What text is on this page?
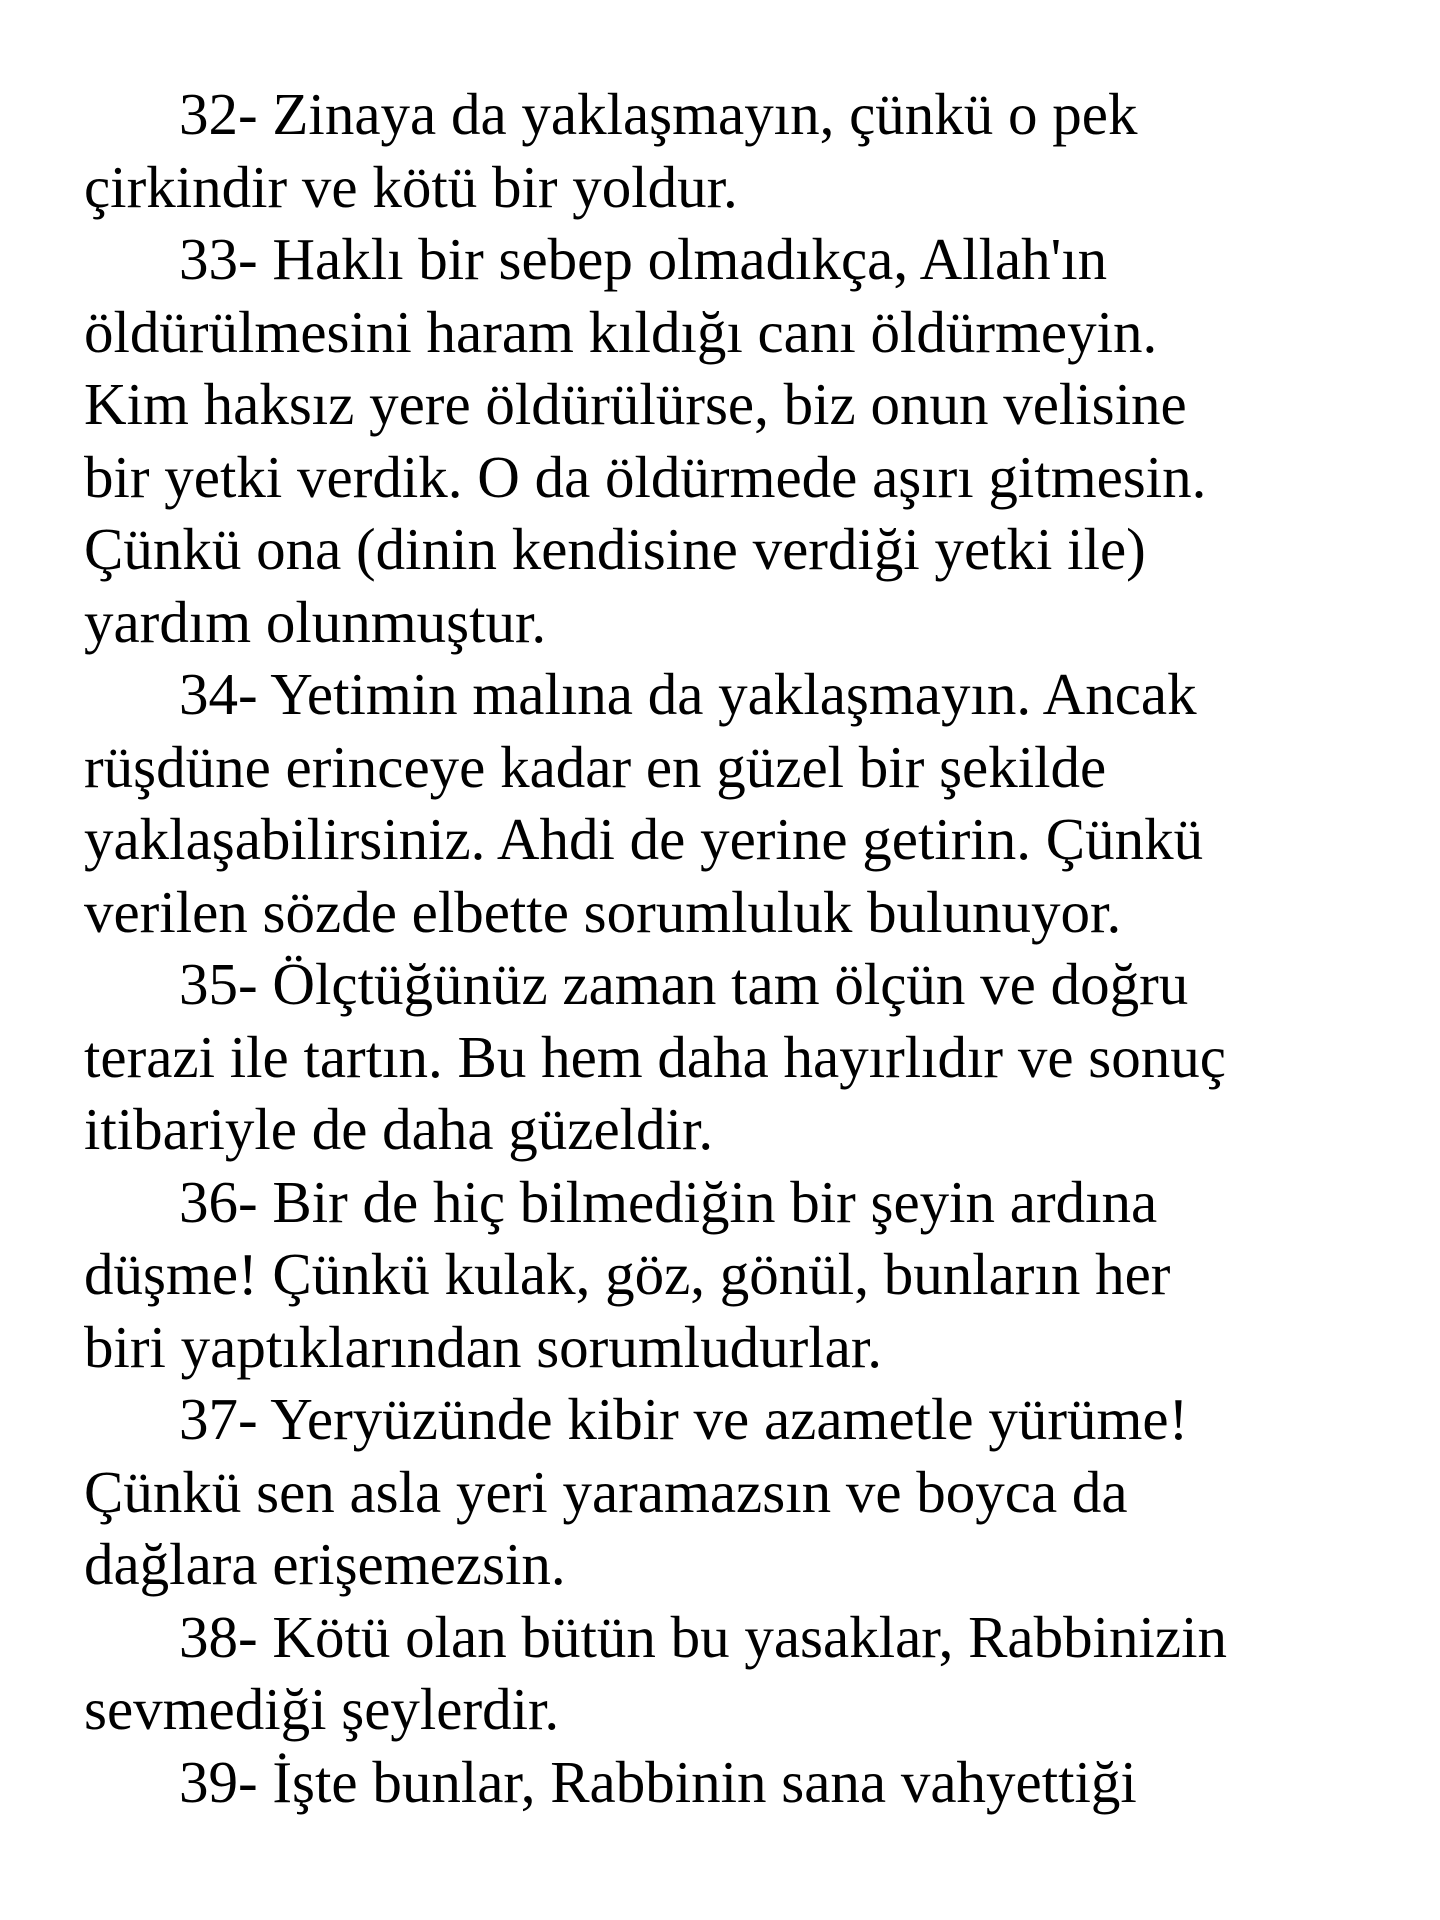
32- Zinaya da yaklaşmayın, çünkü o pek
çirkindir ve kötü bir yoldur.
33- Haklı bir sebep olmadıkça, Allah'ın
öldürülmesini haram kıldığı canı öldürmeyin.
Kim haksız yere öldürülürse, biz onun velisine
bir yetki verdik. O da öldürmede aşırı gitmesin.
Çünkü ona (dinin kendisine verdiği yetki ile)
yardım olunmuştur.
34- Yetimin malına da yaklaşmayın. Ancak
rüşdüne erinceye kadar en güzel bir şekilde
yaklaşabilirsiniz. Ahdi de yerine getirin. Çünkü
verilen sözde elbette sorumluluk bulunuyor.
35- Ölçtüğünüz zaman tam ölçün ve doğru
terazi ile tartın. Bu hem daha hayırlıdır ve sonuç
itibariyle de daha güzeldir.
36- Bir de hiç bilmediğin bir şeyin ardına
düşme! Çünkü kulak, göz, gönül, bunların her
biri yaptıklarından sorumludurlar.
37- Yeryüzünde kibir ve azametle yürüme!
Çünkü sen asla yeri yaramazsın ve boyca da
dağlara erişemezsin.
38- Kötü olan bütün bu yasaklar, Rabbinizin
sevmediği şeylerdir.
39- İşte bunlar, Rabbinin sana vahyettiği
